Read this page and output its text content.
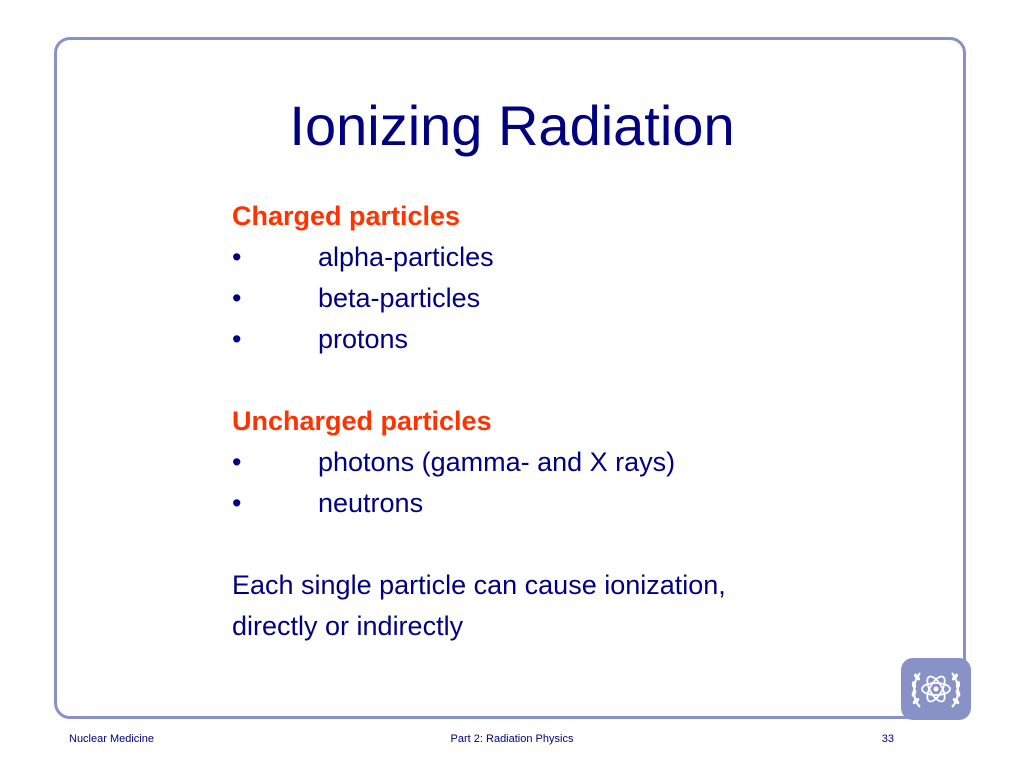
Ionizing Radiation

Charged particles

•	alpha-particles
•	beta-particles
•	protons

Uncharged particles

•	photons (gamma- and X rays)
•	neutrons

Each single particle can cause ionization,

directly or indirectly

Nuclear Medicine	Part 2: Radiation Physics	33
